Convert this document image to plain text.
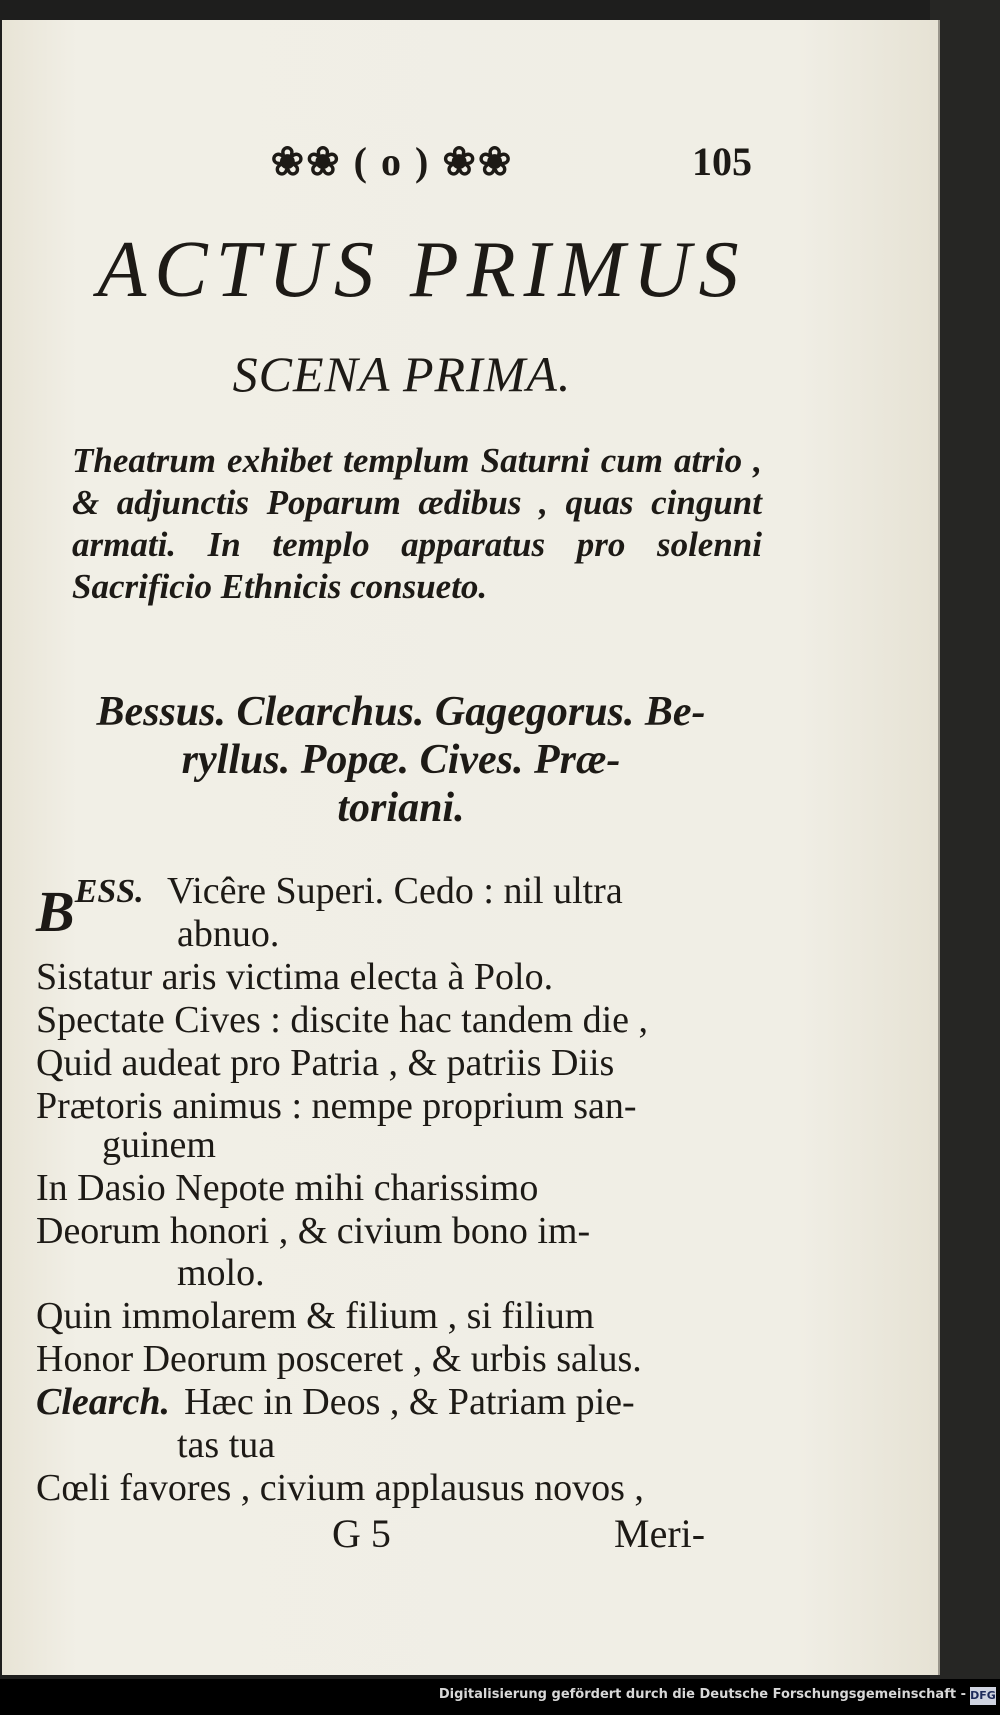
❀❀ ( o ) ❀❀	105
ACTUS PRIMUS
SCENA PRIMA.
Theatrum exhibet templum Saturni cum atrio , & adjunctis Poparum ædibus , quas cingunt armati. In templo apparatus pro solenni Sacrificio Ethnicis consueto.
Bessus. Clearchus. Gagegorus. Be-
ryllus. Popæ. Cives. Præ-
toriani.
$B^{ESS.}$ Vicêre Superi. Cedo : nil ultra
abnuo.
Sistatur aris victima electa à Polo.
Spectate Cives : discite hac tandem die ,
Quid audeat pro Patria , & patriis Diis
Prætoris animus : nempe proprium san-
guinem
In Dasio Nepote mihi charissimo
Deorum honori , & civium bono im-
molo.
Quin immolarem & filium , si filium
Honor Deorum posceret , & urbis salus.
Clearch. Hæc in Deos , & Patriam pie-
tas tua
Cœli favores , civium applausus novos ,
G 5	Meri-
Digitalisierung gefördert durch die Deutsche Forschungsgemeinschaft - DFG
